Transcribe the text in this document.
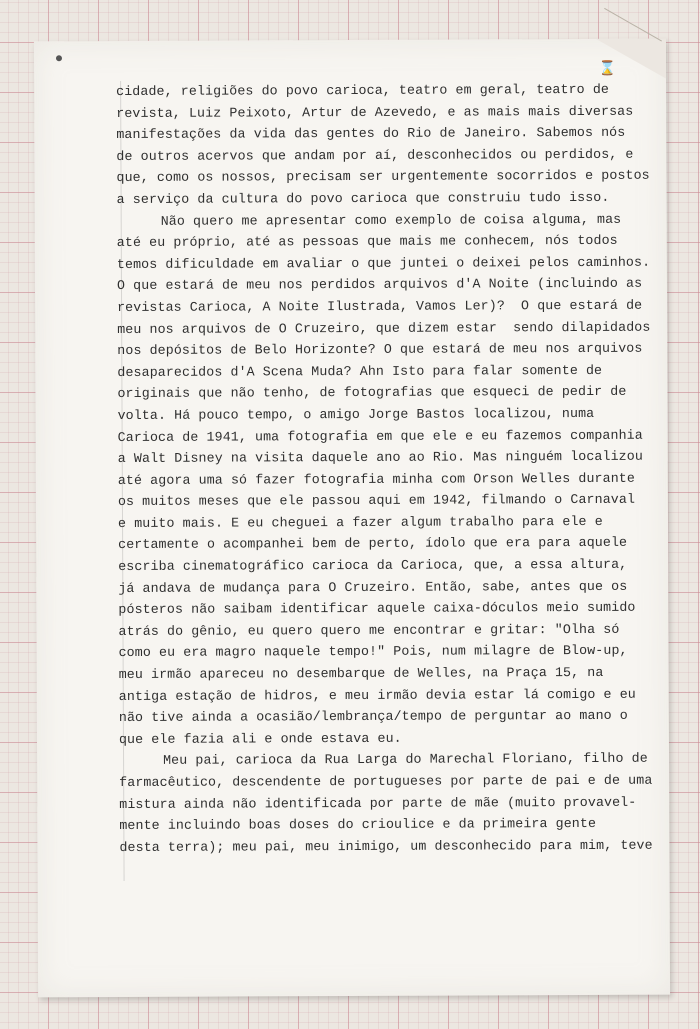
⌛
cidade, religiões do povo carioca, teatro em geral, teatro de
revista, Luiz Peixoto, Artur de Azevedo, e as mais mais diversas
manifestações da vida das gentes do Rio de Janeiro. Sabemos nós
de outros acervos que andam por aí, desconhecidos ou perdidos, e
que, como os nossos, precisam ser urgentemente socorridos e postos
a serviço da cultura do povo carioca que construiu tudo isso.
Não quero me apresentar como exemplo de coisa alguma, mas
até eu próprio, até as pessoas que mais me conhecem, nós todos
temos dificuldade em avaliar o que juntei o deixei pelos caminhos.
O que estará de meu nos perdidos arquivos d'A Noite (incluindo as
revistas Carioca, A Noite Ilustrada, Vamos Ler)?  O que estará de
meu nos arquivos de O Cruzeiro, que dizem estar  sendo dilapidados
nos depósitos de Belo Horizonte? O que estará de meu nos arquivos
desaparecidos d'A Scena Muda? Ahn Isto para falar somente de
originais que não tenho, de fotografias que esqueci de pedir de
volta. Há pouco tempo, o amigo Jorge Bastos localizou, numa
Carioca de 1941, uma fotografia em que ele e eu fazemos companhia
a Walt Disney na visita daquele ano ao Rio. Mas ninguém localizou
até agora uma só fazer fotografia minha com Orson Welles durante
os muitos meses que ele passou aqui em 1942, filmando o Carnaval
e muito mais. E eu cheguei a fazer algum trabalho para ele e
certamente o acompanhei bem de perto, ídolo que era para aquele
escriba cinematográfico carioca da Carioca, que, a essa altura,
já andava de mudança para O Cruzeiro. Então, sabe, antes que os
pósteros não saibam identificar aquele caixa-dóculos meio sumido
atrás do gênio, eu quero quero me encontrar e gritar: "Olha só
como eu era magro naquele tempo!" Pois, num milagre de Blow-up,
meu irmão apareceu no desembarque de Welles, na Praça 15, na
antiga estação de hidros, e meu irmão devia estar lá comigo e eu
não tive ainda a ocasião/lembrança/tempo de perguntar ao mano o
que ele fazia ali e onde estava eu.
Meu pai, carioca da Rua Larga do Marechal Floriano, filho de
farmacêutico, descendente de portugueses por parte de pai e de uma
mistura ainda não identificada por parte de mãe (muito provavel-
mente incluindo boas doses do crioulice e da primeira gente
desta terra); meu pai, meu inimigo, um desconhecido para mim, teve
